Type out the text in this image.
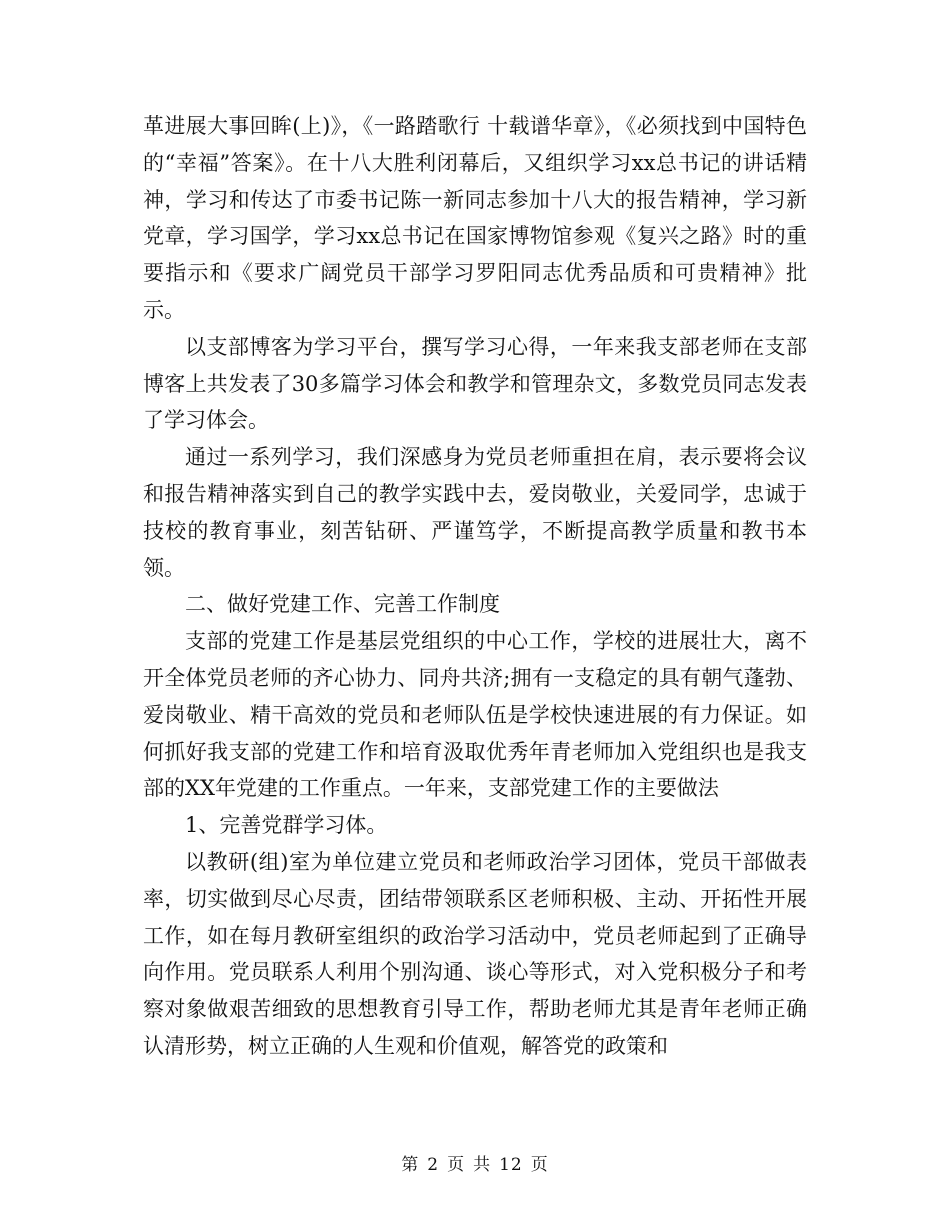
革进展大事回眸(上)》，《一路踏歌行 十载谱华章》，《必须找到中国特色的“幸福”答案》。在十八大胜利闭幕后，又组织学习xx总书记的讲话精神，学习和传达了市委书记陈一新同志参加十八大的报告精神，学习新党章，学习国学，学习xx总书记在国家博物馆参观《复兴之路》时的重要指示和《要求广阔党员干部学习罗阳同志优秀品质和可贵精神》批示。

以支部博客为学习平台，撰写学习心得，一年来我支部老师在支部博客上共发表了30多篇学习体会和教学和管理杂文，多数党员同志发表了学习体会。

通过一系列学习，我们深感身为党员老师重担在肩，表示要将会议和报告精神落实到自己的教学实践中去，爱岗敬业，关爱同学，忠诚于技校的教育事业，刻苦钻研、严谨笃学，不断提高教学质量和教书本领。

二、做好党建工作、完善工作制度

支部的党建工作是基层党组织的中心工作，学校的进展壮大，离不开全体党员老师的齐心协力、同舟共济;拥有一支稳定的具有朝气蓬勃、爱岗敬业、精干高效的党员和老师队伍是学校快速进展的有力保证。如何抓好我支部的党建工作和培育汲取优秀年青老师加入党组织也是我支部的XX年党建的工作重点。一年来，支部党建工作的主要做法

1、完善党群学习体。

以教研(组)室为单位建立党员和老师政治学习团体，党员干部做表率，切实做到尽心尽责，团结带领联系区老师积极、主动、开拓性开展工作，如在每月教研室组织的政治学习活动中，党员老师起到了正确导向作用。党员联系人利用个别沟通、谈心等形式，对入党积极分子和考察对象做艰苦细致的思想教育引导工作，帮助老师尤其是青年老师正确认清形势，树立正确的人生观和价值观，解答党的政策和

第 2 页 共 12 页
